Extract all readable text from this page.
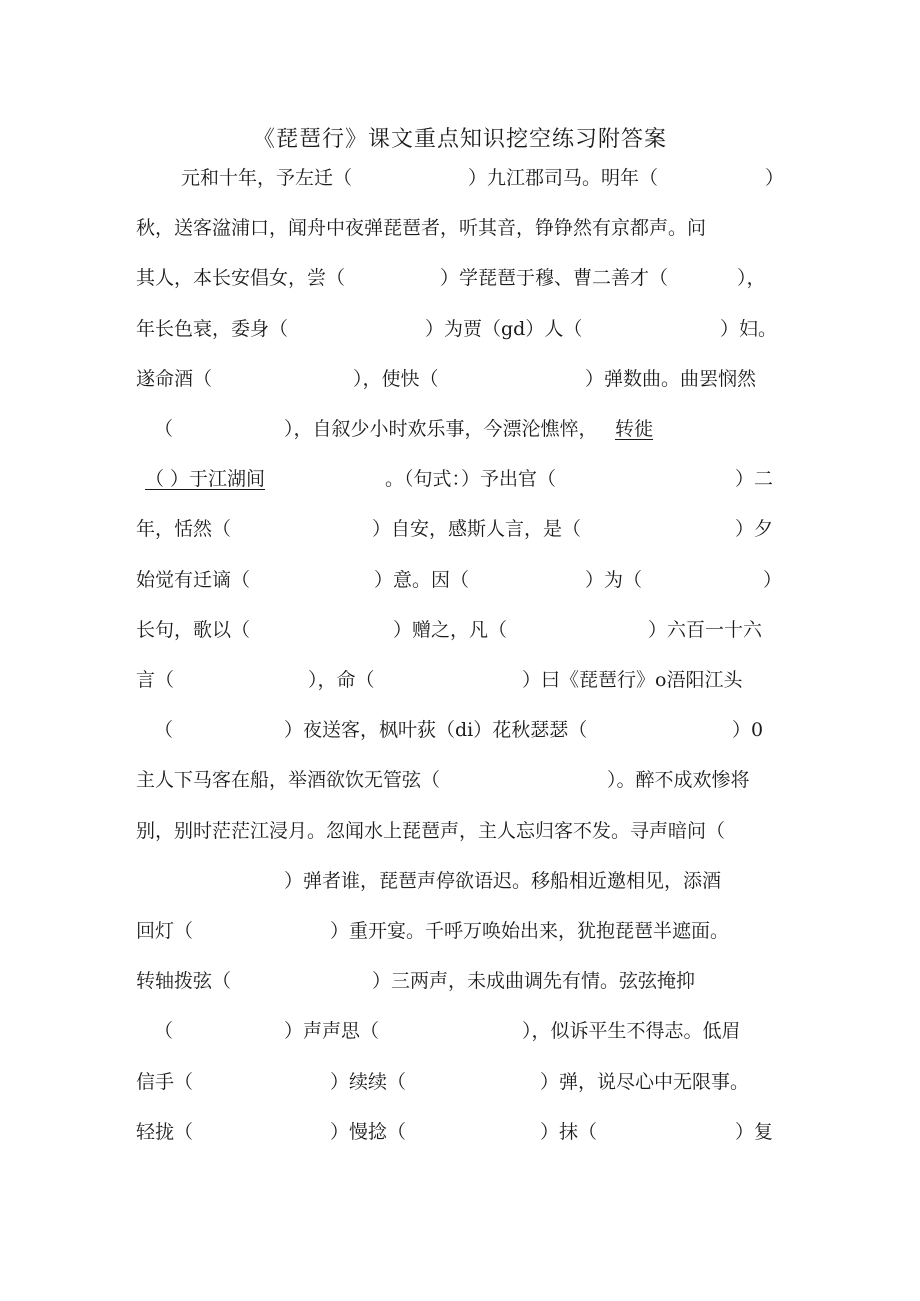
《琵琶行》课文重点知识挖空练习附答案
元和十年，予左迁（	）九江郡司马。明年（	）
秋，送客湓浦口，闻舟中夜弹琵琶者，听其音，铮铮然有京都声。问
其人，本长安倡女，尝（	）学琵琶于穆、曹二善才（	），
年长色衰，委身（	）为贾（gd）人（	）妇。
遂命酒（	），使快（	）弹数曲。曲罢悯然
（	），自叙少小时欢乐事，今漂沦憔悴， 转徙
（ ）于江湖间	。（句式：）予出官（	）二
年，恬然（	）自安，感斯人言，是（	）夕
始觉有迁谪（	）意。因（	）为（	）
长句，歌以（	）赠之，凡（	）六百一十六
言（	），命（	）曰《琵琶行》o浯阳江头
（	）夜送客，枫叶荻（di）花秋瑟瑟（	）0
主人下马客在船，举酒欲饮无管弦（	）。醉不成欢惨将
别，别时茫茫江浸月。忽闻水上琵琶声，主人忘归客不发。寻声暗问（
）弹者谁，琵琶声停欲语迟。移船相近邀相见，添酒
回灯（	）重开宴。千呼万唤始出来，犹抱琵琶半遮面。
转轴拨弦（	）三两声，未成曲调先有情。弦弦掩抑
（	）声声思（	），似诉平生不得志。低眉
信手（	）续续（	）弹，说尽心中无限事。
轻拢（	）慢捻（	）抹（	）复
